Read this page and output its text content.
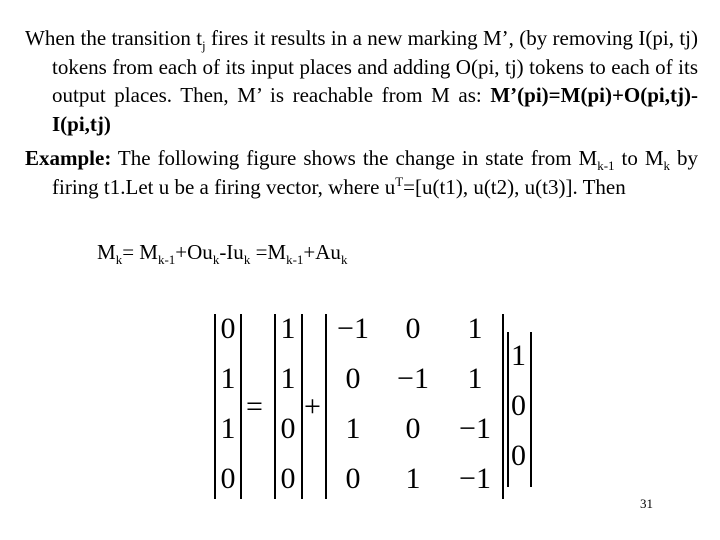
When the transition $t_j$ fires it results in a new marking M’, (by removing I(pi, tj) tokens from each of its input places and adding O(pi, tj) tokens to each of its output places. Then, M’ is reachable from M as: M’(pi)=M(pi)+O(pi,tj)-I(pi,tj)
Example: The following figure shows the change in state from $M_{k-1}$ to $M_k$ by firing t1.Let u be a firing vector, where $u^T=[u(t1)$, u(t2), u(t3)]. Then
$M_k= M_{k-1}+Ou_k-Iu_k =M_{k-1}+Au_k$
0
1
1
0
=
1
1
0
0
+
−1
0
1
0
0
−1
0
1
1
1
−1
−1
1
0
0
31
